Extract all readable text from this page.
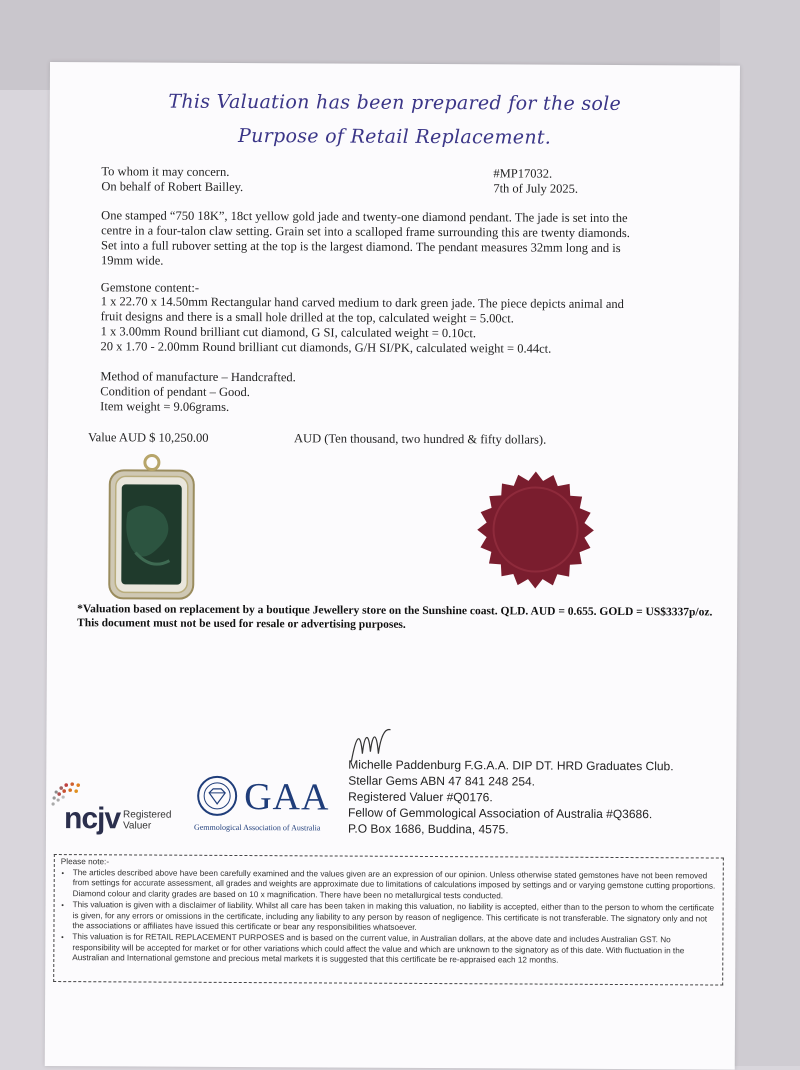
This Valuation has been prepared for the sole
Purpose of Retail Replacement.
To whom it may concern.
On behalf of Robert Bailley.
#MP17032.
7th of July 2025.
One stamped “750 18K”, 18ct yellow gold jade and twenty-one diamond pendant. The jade is set into the centre in a four-talon claw setting. Grain set into a scalloped frame surrounding this are twenty diamonds. Set into a full rubover setting at the top is the largest diamond. The pendant measures 32mm long and is 19mm wide.
Gemstone content:-
1 x 22.70 x 14.50mm Rectangular hand carved medium to dark green jade. The piece depicts animal and fruit designs and there is a small hole drilled at the top, calculated weight = 5.00ct.
1 x 3.00mm Round brilliant cut diamond, G SI, calculated weight = 0.10ct.
20 x 1.70 - 2.00mm Round brilliant cut diamonds, G/H SI/PK, calculated weight = 0.44ct.
Method of manufacture – Handcrafted.
Condition of pendant – Good.
Item weight = 9.06grams.
Value AUD $ 10,250.00	AUD (Ten thousand, two hundred & fifty dollars).
*Valuation based on replacement by a boutique Jewellery store on the Sunshine coast. QLD. AUD = 0.655. GOLD = US$3337p/oz. This document must not be used for resale or advertising purposes.
Michelle Paddenburg F.G.A.A. DIP DT. HRD Graduates Club.
Stellar Gems ABN 47 841 248 254.
Registered Valuer #Q0176.
Fellow of Gemmological Association of Australia #Q3686.
P.O Box 1686, Buddina, 4575.
ncjv Registered
Valuer
GAA
Gemmological Association of Australia
Please note:-
• The articles described above have been carefully examined and the values given are an expression of our opinion. Unless otherwise stated gemstones have not been removed from settings for accurate assessment, all grades and weights are approximate due to limitations of calculations imposed by settings and or varying gemstone cutting proportions. Diamond colour and clarity grades are based on 10 x magnification. There have been no metallurgical tests conducted.
• This valuation is given with a disclaimer of liability. Whilst all care has been taken in making this valuation, no liability is accepted, either than to the person to whom the certificate is given, for any errors or omissions in the certificate, including any liability to any person by reason of negligence. This certificate is not transferable. The signatory only and not the associations or affiliates have issued this certificate or bear any responsibilities whatsoever.
• This valuation is for RETAIL REPLACEMENT PURPOSES and is based on the current value, in Australian dollars, at the above date and includes Australian GST. No responsibility will be accepted for market or for other variations which could affect the value and which are unknown to the signatory as of this date. With fluctuation in the Australian and International gemstone and precious metal markets it is suggested that this certificate be re-appraised each 12 months.
